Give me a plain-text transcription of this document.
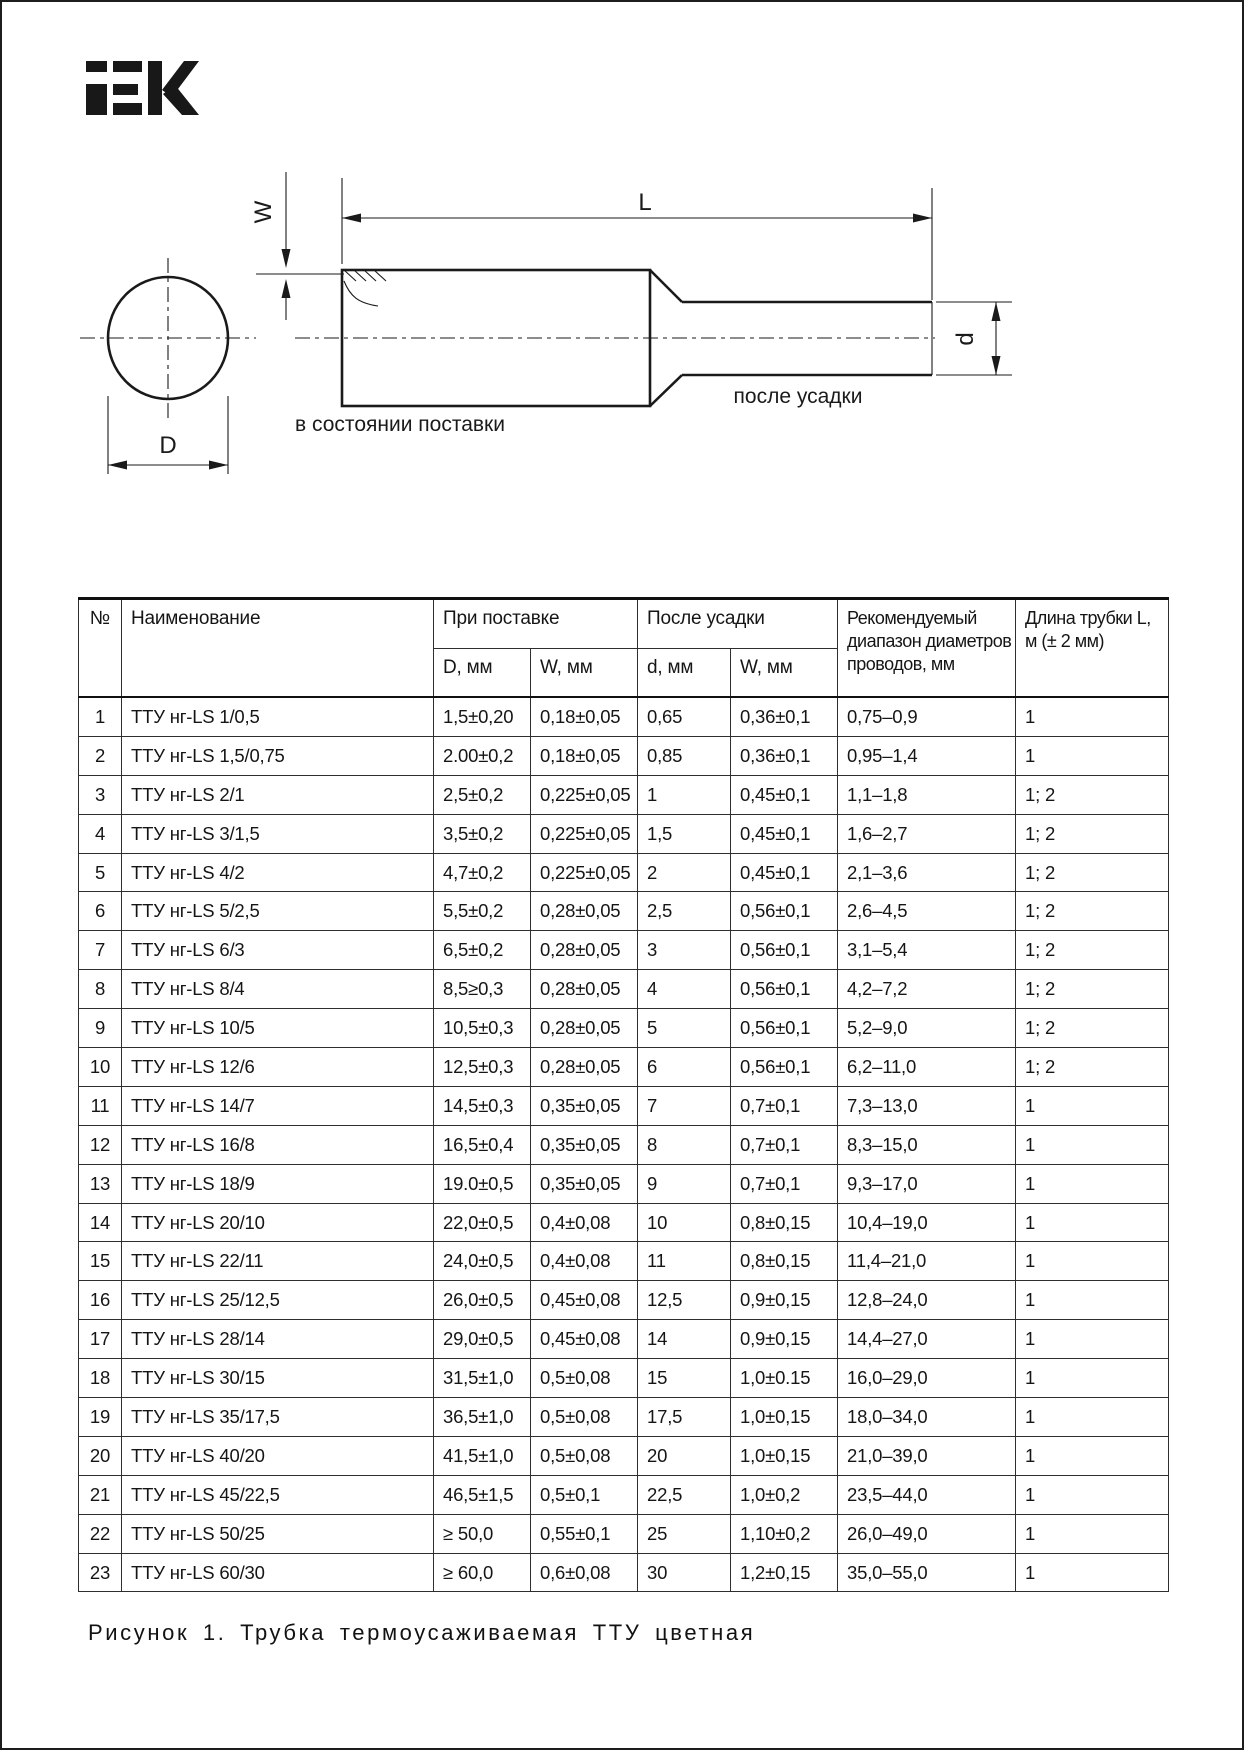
D
W
d
L
в состоянии поставки
после усадки
№	Наименование	При поставке		После усадки		Рекомендуемый диапазон диаметров проводов, мм	Длина трубки L, м (± 2 мм)
		D, мм	W, мм	d, мм	W, мм		
1	ТТУ нг-LS 1/0,5	1,5±0,20	0,18±0,05	0,65	0,36±0,1	0,75–0,9	1
2	ТТУ нг-LS 1,5/0,75	2.00±0,2	0,18±0,05	0,85	0,36±0,1	0,95–1,4	1
3	ТТУ нг-LS 2/1	2,5±0,2	0,225±0,05	1	0,45±0,1	1,1–1,8	1; 2
4	ТТУ нг-LS 3/1,5	3,5±0,2	0,225±0,05	1,5	0,45±0,1	1,6–2,7	1; 2
5	ТТУ нг-LS 4/2	4,7±0,2	0,225±0,05	2	0,45±0,1	2,1–3,6	1; 2
6	ТТУ нг-LS 5/2,5	5,5±0,2	0,28±0,05	2,5	0,56±0,1	2,6–4,5	1; 2
7	ТТУ нг-LS 6/3	6,5±0,2	0,28±0,05	3	0,56±0,1	3,1–5,4	1; 2
8	ТТУ нг-LS 8/4	8,5≥0,3	0,28±0,05	4	0,56±0,1	4,2–7,2	1; 2
9	ТТУ нг-LS 10/5	10,5±0,3	0,28±0,05	5	0,56±0,1	5,2–9,0	1; 2
10	ТТУ нг-LS 12/6	12,5±0,3	0,28±0,05	6	0,56±0,1	6,2–11,0	1; 2
11	ТТУ нг-LS 14/7	14,5±0,3	0,35±0,05	7	0,7±0,1	7,3–13,0	1
12	ТТУ нг-LS 16/8	16,5±0,4	0,35±0,05	8	0,7±0,1	8,3–15,0	1
13	ТТУ нг-LS 18/9	19.0±0,5	0,35±0,05	9	0,7±0,1	9,3–17,0	1
14	ТТУ нг-LS 20/10	22,0±0,5	0,4±0,08	10	0,8±0,15	10,4–19,0	1
15	ТТУ нг-LS 22/11	24,0±0,5	0,4±0,08	11	0,8±0,15	11,4–21,0	1
16	ТТУ нг-LS 25/12,5	26,0±0,5	0,45±0,08	12,5	0,9±0,15	12,8–24,0	1
17	ТТУ нг-LS 28/14	29,0±0,5	0,45±0,08	14	0,9±0,15	14,4–27,0	1
18	ТТУ нг-LS 30/15	31,5±1,0	0,5±0,08	15	1,0±0.15	16,0–29,0	1
19	ТТУ нг-LS 35/17,5	36,5±1,0	0,5±0,08	17,5	1,0±0,15	18,0–34,0	1
20	ТТУ нг-LS 40/20	41,5±1,0	0,5±0,08	20	1,0±0,15	21,0–39,0	1
21	ТТУ нг-LS 45/22,5	46,5±1,5	0,5±0,1	22,5	1,0±0,2	23,5–44,0	1
22	ТТУ нг-LS 50/25	≥ 50,0	0,55±0,1	25	1,10±0,2	26,0–49,0	1
23	ТТУ нг-LS 60/30	≥ 60,0	0,6±0,08	30	1,2±0,15	35,0–55,0	1
Рисунок 1. Трубка термоусаживаемая ТТУ цветная
